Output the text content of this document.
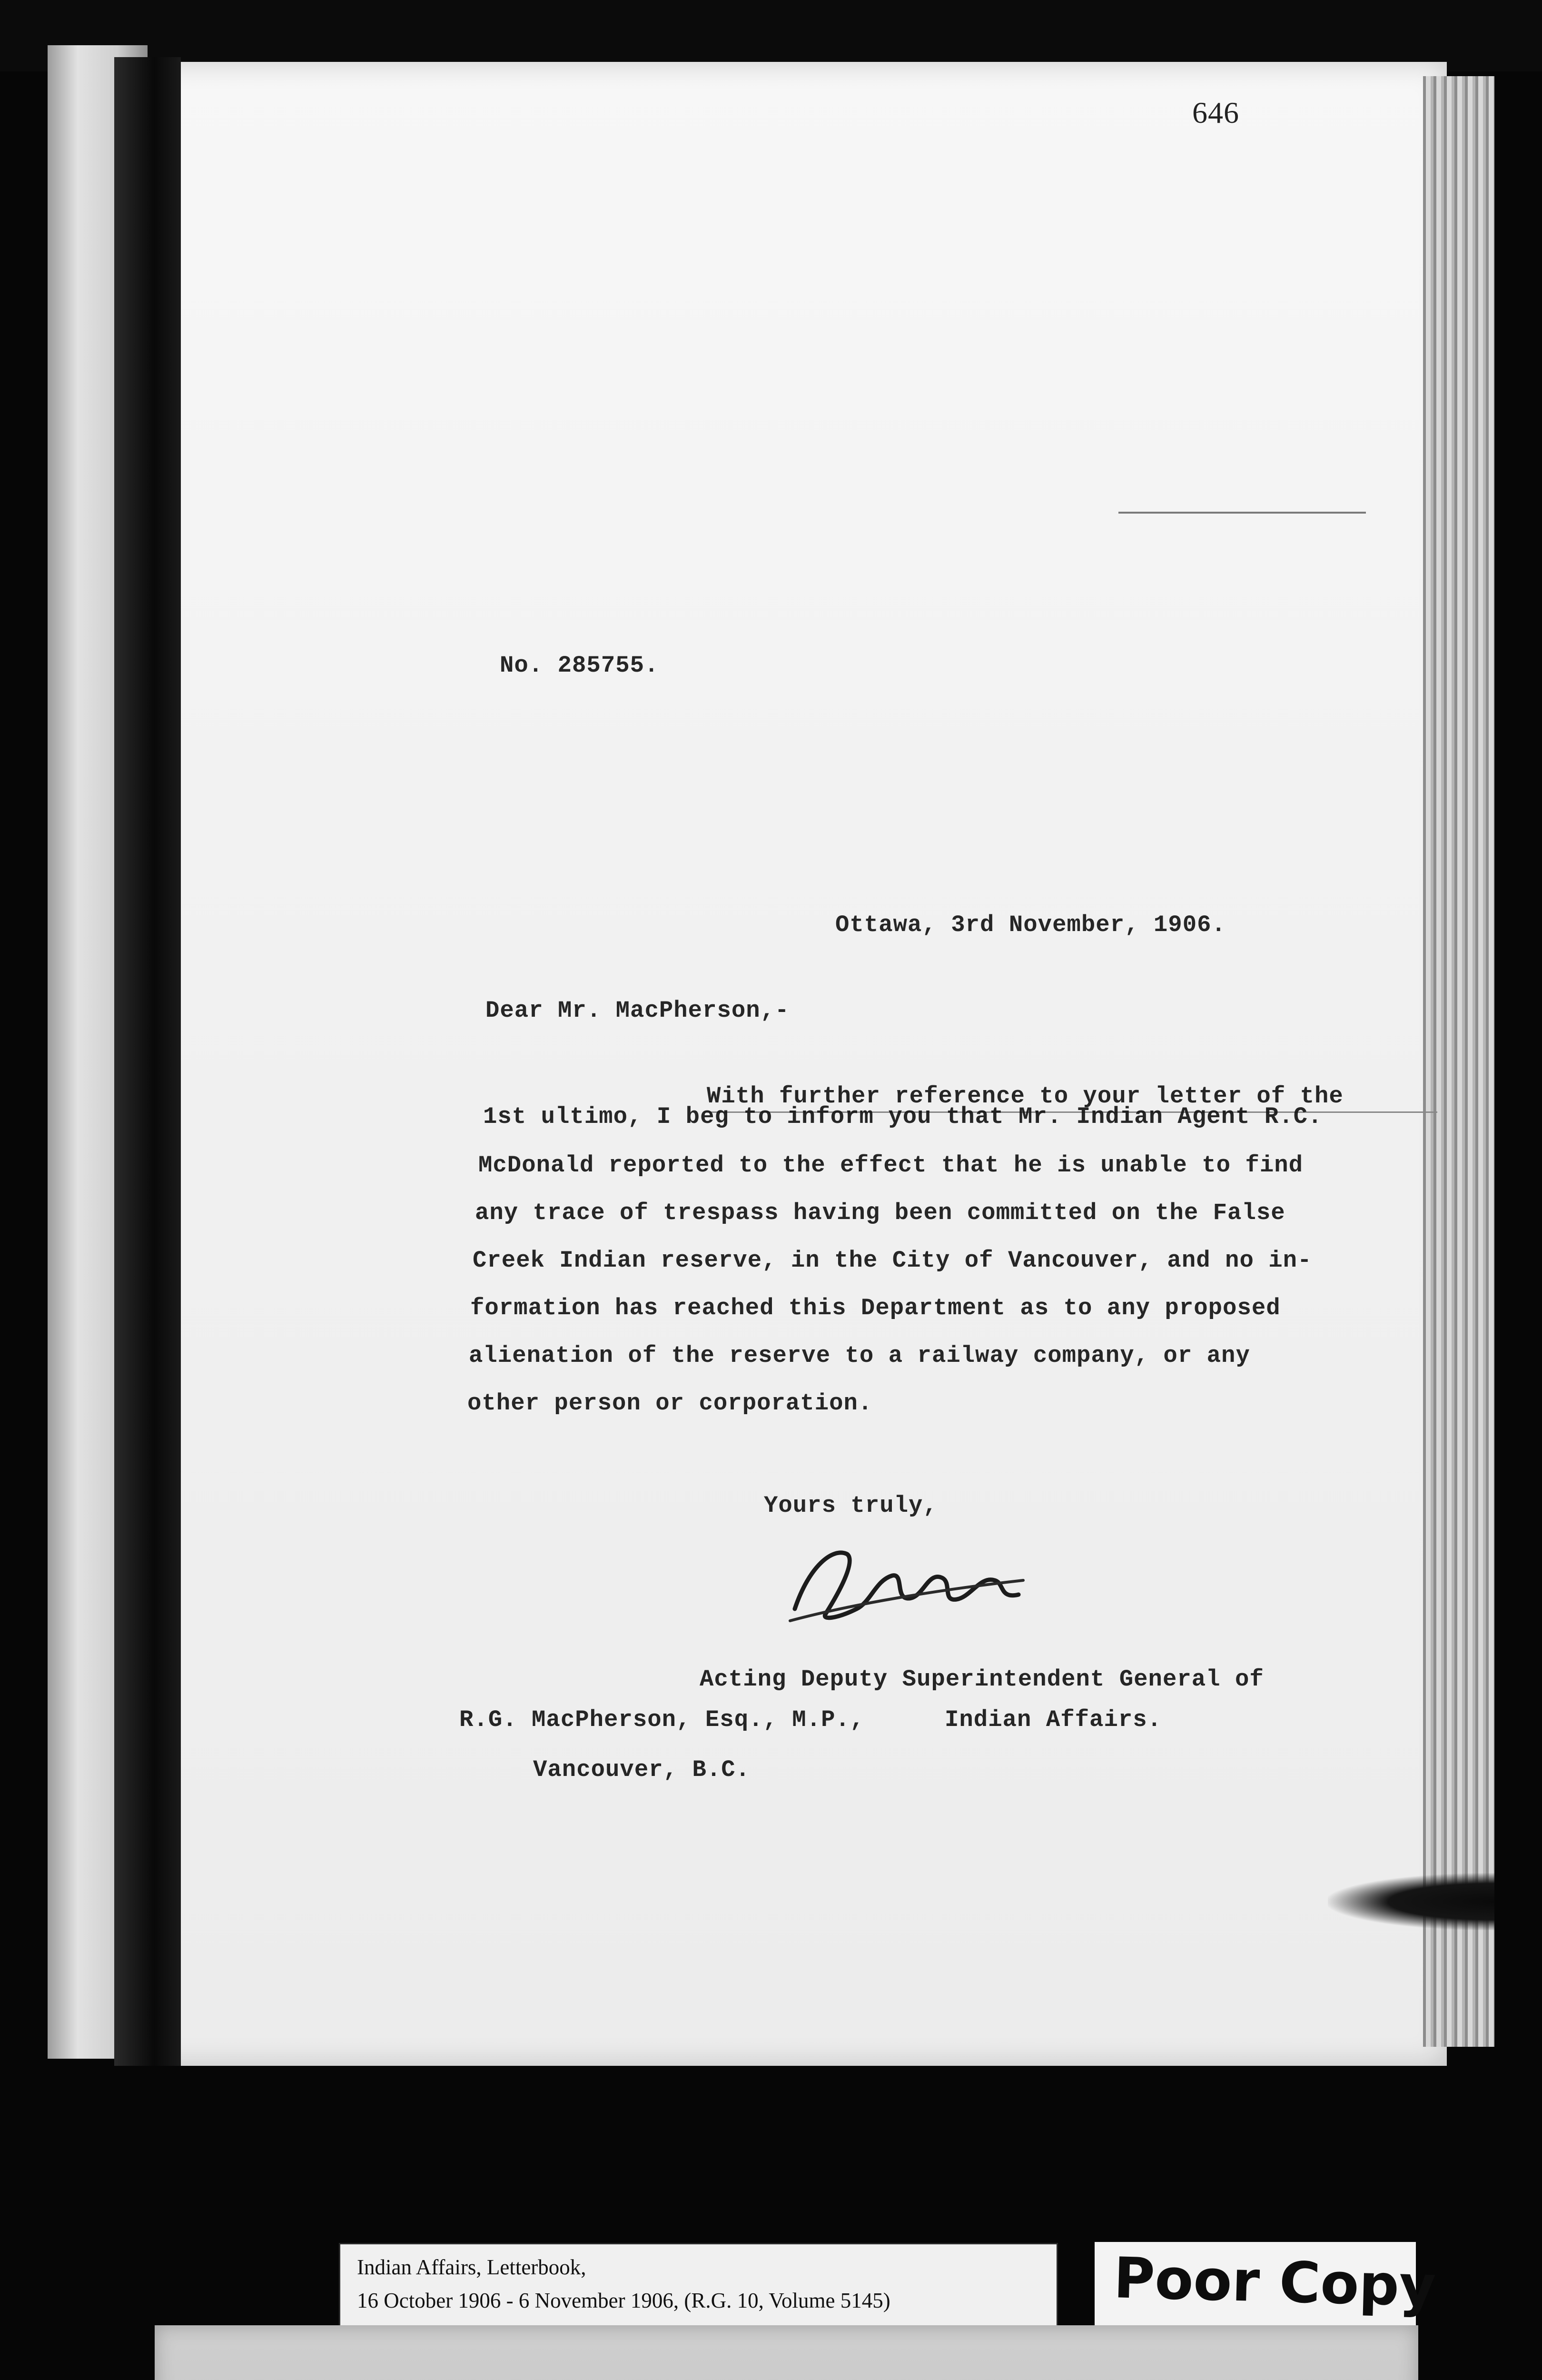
646
No. 285755.
Ottawa, 3rd November, 1906.
Dear Mr. MacPherson,-
With further reference to your letter of the
1st ultimo, I beg to inform you that Mr. Indian Agent R.C.
McDonald reported to the effect that he is unable to find
any trace of trespass having been committed on the False
Creek Indian reserve, in the City of Vancouver, and no in-
formation has reached this Department as to any proposed
alienation of the reserve to a railway company, or any
other person or corporation.
Yours truly,
Acting Deputy Superintendent General of
R.G. MacPherson, Esq., M.P.,	Indian Affairs.
Vancouver, B.C.
Indian Affairs, Letterbook,
16 October 1906 - 6 November 1906, (R.G. 10, Volume 5145)	Poor Copy
